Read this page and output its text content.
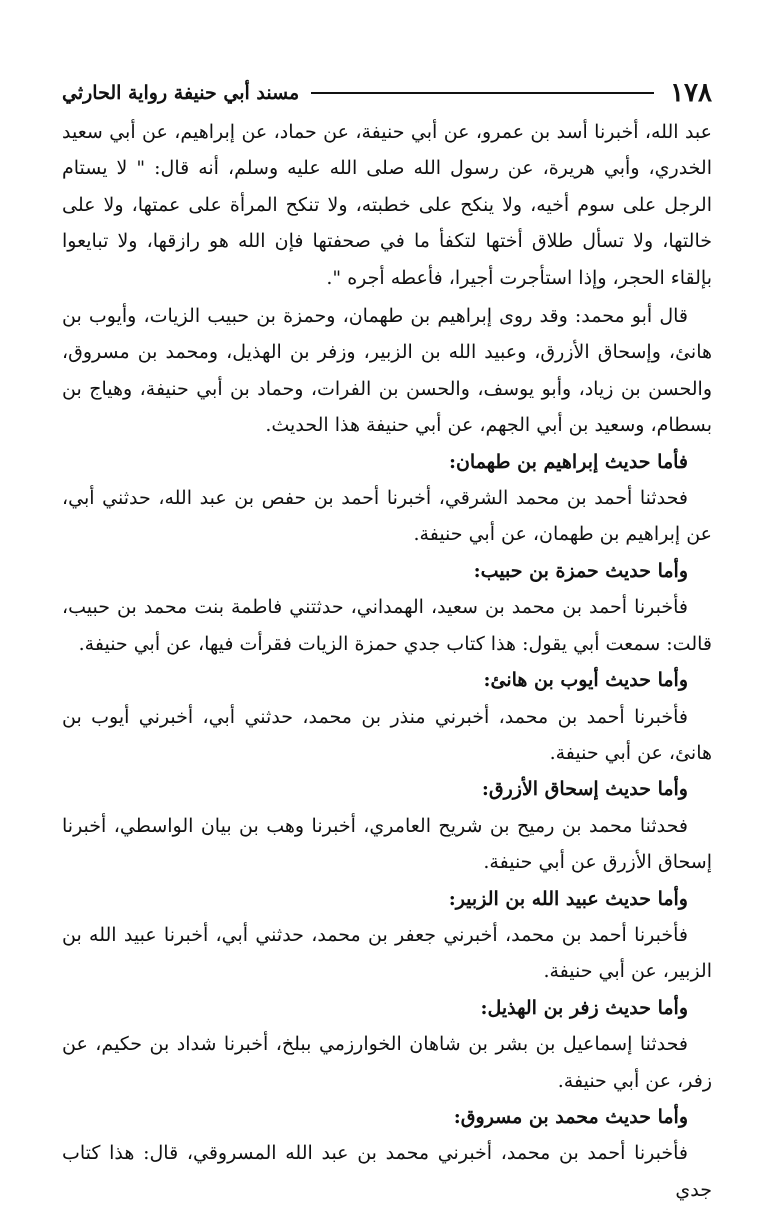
١٧٨
مسند أبي حنيفة رواية الحارثي

عبد الله، أخبرنا أسد بن عمرو، عن أبي حنيفة، عن حماد، عن إبراهيم، عن أبي سعيد الخدري، وأبي هريرة، عن رسول الله صلى الله عليه وسلم، أنه قال: " لا يستام الرجل على سوم أخيه، ولا ينكح على خطبته، ولا تنكح المرأة على عمتها، ولا على خالتها، ولا تسأل طلاق أختها لتكفأ ما في صحفتها فإن الله هو رازقها، ولا تبايعوا بإلقاء الحجر، وإذا استأجرت أجيرا، فأعطه أجره ".

قال أبو محمد: وقد روى إبراهيم بن طهمان، وحمزة بن حبيب الزيات، وأيوب بن هانئ، وإسحاق الأزرق، وعبيد الله بن الزبير، وزفر بن الهذيل، ومحمد بن مسروق، والحسن بن زياد، وأبو يوسف، والحسن بن الفرات، وحماد بن أبي حنيفة، وهياج بن بسطام، وسعيد بن أبي الجهم، عن أبي حنيفة هذا الحديث.

فأما حديث إبراهيم بن طهمان:

فحدثنا أحمد بن محمد الشرقي، أخبرنا أحمد بن حفص بن عبد الله، حدثني أبي، عن إبراهيم بن طهمان، عن أبي حنيفة.

وأما حديث حمزة بن حبيب:

فأخبرنا أحمد بن محمد بن سعيد، الهمداني، حدثتني فاطمة بنت محمد بن حبيب، قالت: سمعت أبي يقول: هذا كتاب جدي حمزة الزيات فقرأت فيها، عن أبي حنيفة.

وأما حديث أيوب بن هانئ:

فأخبرنا أحمد بن محمد، أخبرني منذر بن محمد، حدثني أبي، أخبرني أيوب بن هانئ، عن أبي حنيفة.

وأما حديث إسحاق الأزرق:

فحدثنا محمد بن رميح بن شريح العامري، أخبرنا وهب بن بيان الواسطي، أخبرنا إسحاق الأزرق عن أبي حنيفة.

وأما حديث عبيد الله بن الزبير:

فأخبرنا أحمد بن محمد، أخبرني جعفر بن محمد، حدثني أبي، أخبرنا عبيد الله بن الزبير، عن أبي حنيفة.

وأما حديث زفر بن الهذيل:

فحدثنا إسماعيل بن بشر بن شاهان الخوارزمي ببلخ، أخبرنا شداد بن حكيم، عن زفر، عن أبي حنيفة.

وأما حديث محمد بن مسروق:

فأخبرنا أحمد بن محمد، أخبرني محمد بن عبد الله المسروقي، قال: هذا كتاب جدي
